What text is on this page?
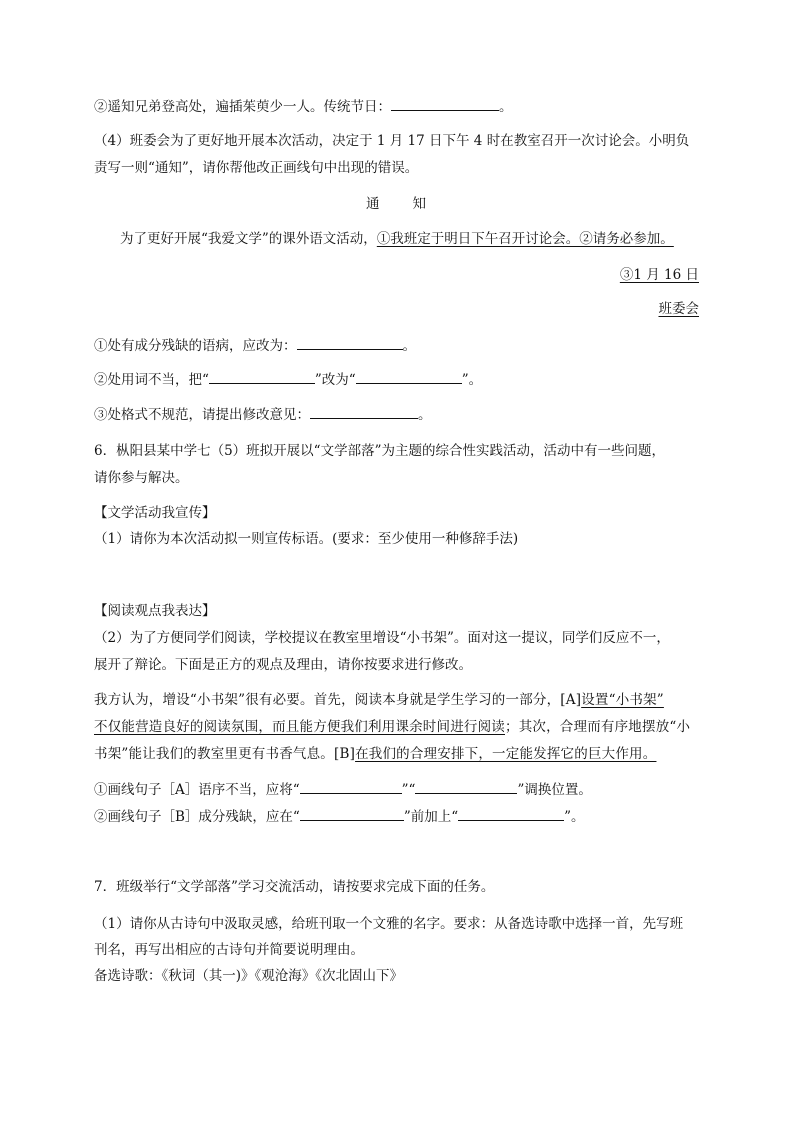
②遥知兄弟登高处，遍插茱萸少一人。传统节日：	。
（4）班委会为了更好地开展本次活动，决定于 1 月 17 日下午 4 时在教室召开一次讨论会。小明负
责写一则“通知”，请你帮他改正画线句中出现的错误。
通　　知
为了更好开展“我爱文学”的课外语文活动，①我班定于明日下午召开讨论会。②请务必参加。
③1 月 16 日
班委会
①处有成分残缺的语病，应改为：	。
②处用词不当，把“	”改为“	”。
③处格式不规范，请提出修改意见：	。
6．枞阳县某中学七（5）班拟开展以“文学部落”为主题的综合性实践活动，活动中有一些问题，
请你参与解决。
【文学活动我宣传】
（1）请你为本次活动拟一则宣传标语。(要求：至少使用一种修辞手法)
【阅读观点我表达】
（2）为了方便同学们阅读，学校提议在教室里增设“小书架”。面对这一提议，同学们反应不一，
展开了辩论。下面是正方的观点及理由，请你按要求进行修改。
我方认为，增设“小书架”很有必要。首先，阅读本身就是学生学习的一部分，[A]设置“小书架”
不仅能营造良好的阅读氛围，而且能方便我们利用课余时间进行阅读；其次，合理而有序地摆放“小
书架”能让我们的教室里更有书香气息。[B]在我们的合理安排下，一定能发挥它的巨大作用。
①画线句子［A］语序不当，应将“	”“	”调换位置。
②画线句子［B］成分残缺，应在“	”前加上“	”。
7．班级举行“文学部落”学习交流活动，请按要求完成下面的任务。
（1）请你从古诗句中汲取灵感，给班刊取一个文雅的名字。要求：从备选诗歌中选择一首，先写班
刊名，再写出相应的古诗句并简要说明理由。
备选诗歌：《秋词（其一)》《观沧海》《次北固山下》
